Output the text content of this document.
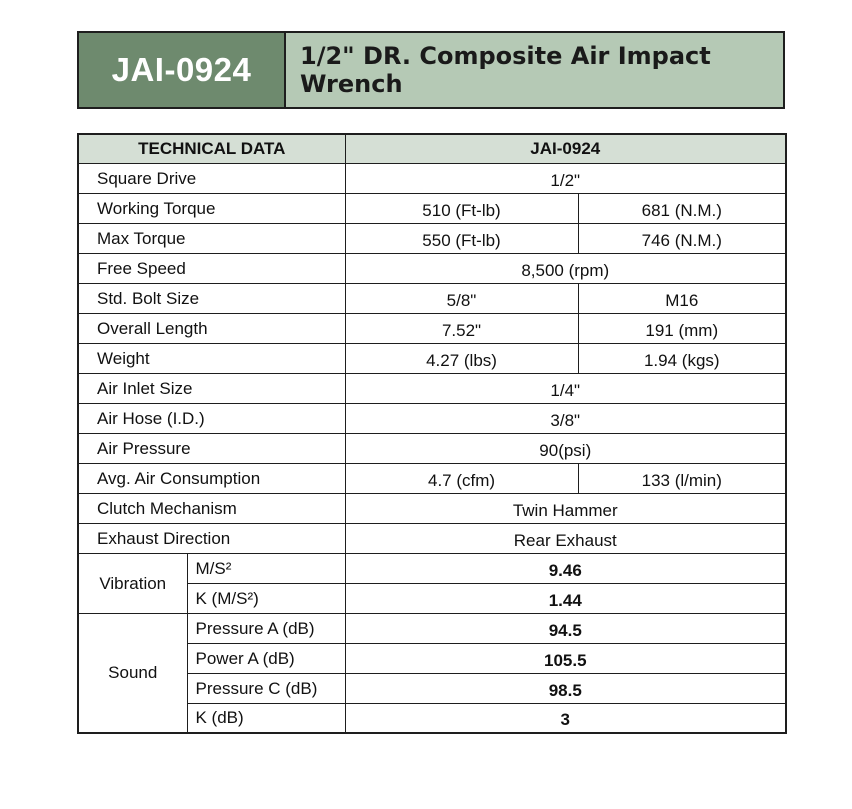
JAI-0924	1/2" DR. Composite Air Impact Wrench
TECHNICAL DATA		JAI-0924	
Square Drive		1/2"	
Working Torque		510 (Ft-lb)	681 (N.M.)
Max Torque		550 (Ft-lb)	746 (N.M.)
Free Speed		8,500 (rpm)	
Std. Bolt Size		5/8"	M16
Overall Length		7.52"	191 (mm)
Weight		4.27 (lbs)	1.94 (kgs)
Air Inlet Size		1/4"	
Air Hose (I.D.)		3/8"	
Air Pressure		90(psi)	
Avg. Air Consumption		4.7 (cfm)	133 (l/min)
Clutch Mechanism		Twin Hammer	
Exhaust Direction		Rear Exhaust	
Vibration	M/S²	9.46	
	K (M/S²)	1.44	
Sound	Pressure A (dB)	94.5	
	Power A (dB)	105.5	
	Pressure C (dB)	98.5	
	K (dB)	3	
